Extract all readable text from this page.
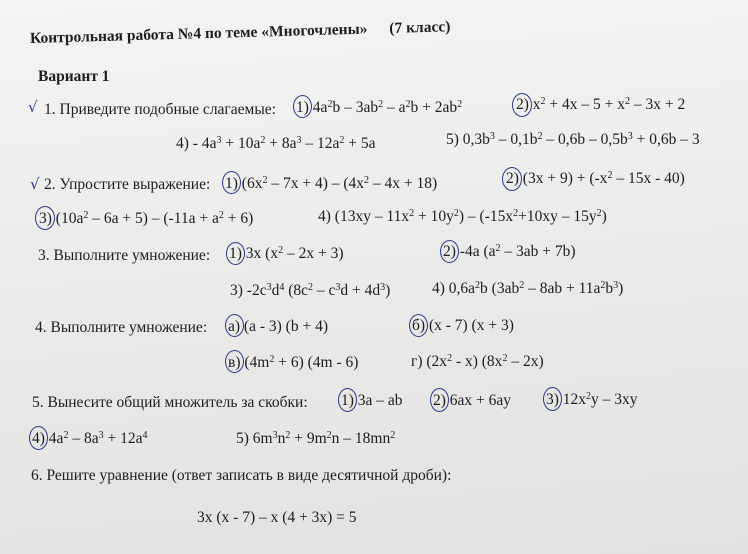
Контрольная работа №4 по теме «Многочлены» (7 класс)
Вариант 1
√ 1. Приведите подобные слагаемые: 1) $4a^2b - 3ab^2 - a^2b + 2ab^2$	2) $x^2 + 4x - 5 + x^2 - 3x + 2$
$4) - 4a^3 + 10a^2 + 8a^3 - 12a^2 + 5a$	5) $0,3b^3 - 0,1b^2 - 0,6b - 0,5b^3 + 0,6b - 3$
√ 2. Упростите выражение: 1) $(6x^2 - 7x + 4) - (4x^2 - 4x + 18)$	2) $(3x + 9) + (-x^2 - 15x - 40)$
3) $(10a^2 - 6a + 5) - (-11a + a^2 + 6)$	4) $(13xy - 11x^2 + 10y^2) - (-15x^2+10xy - 15y^2)$
3. Выполните умножение: 1) 3x $(x^2 - 2x + 3)$	2) -4a $(a^2 - 3ab + 7b)$
3) $-2c^3d^4$ $(8c^2 - c^3d + 4d^3)$	4) $0,6a^2b$ $(3ab^2 - 8ab + 11a^2b^3)$
4. Выполните умножение: а) (a - 3) (b + 4)	б) (x - 7) (x + 3)
в) $(4m^2 + 6)$ (4m - 6)	г) $(2x^2 - x)$ $(8x^2 - 2x)$
5. Вынесите общий множитель за скобки: 1) 3a – ab 2) 6ax + 6ay 3) $12x^2y - 3xy$
4) $4a^2 - 8a^3 + 12a^4$	5) $6m^3n^2 + 9m^2n - 18mn^2$
6. Решите уравнение (ответ записать в виде десятичной дроби):
3x (x - 7) – x (4 + 3x) = 5
